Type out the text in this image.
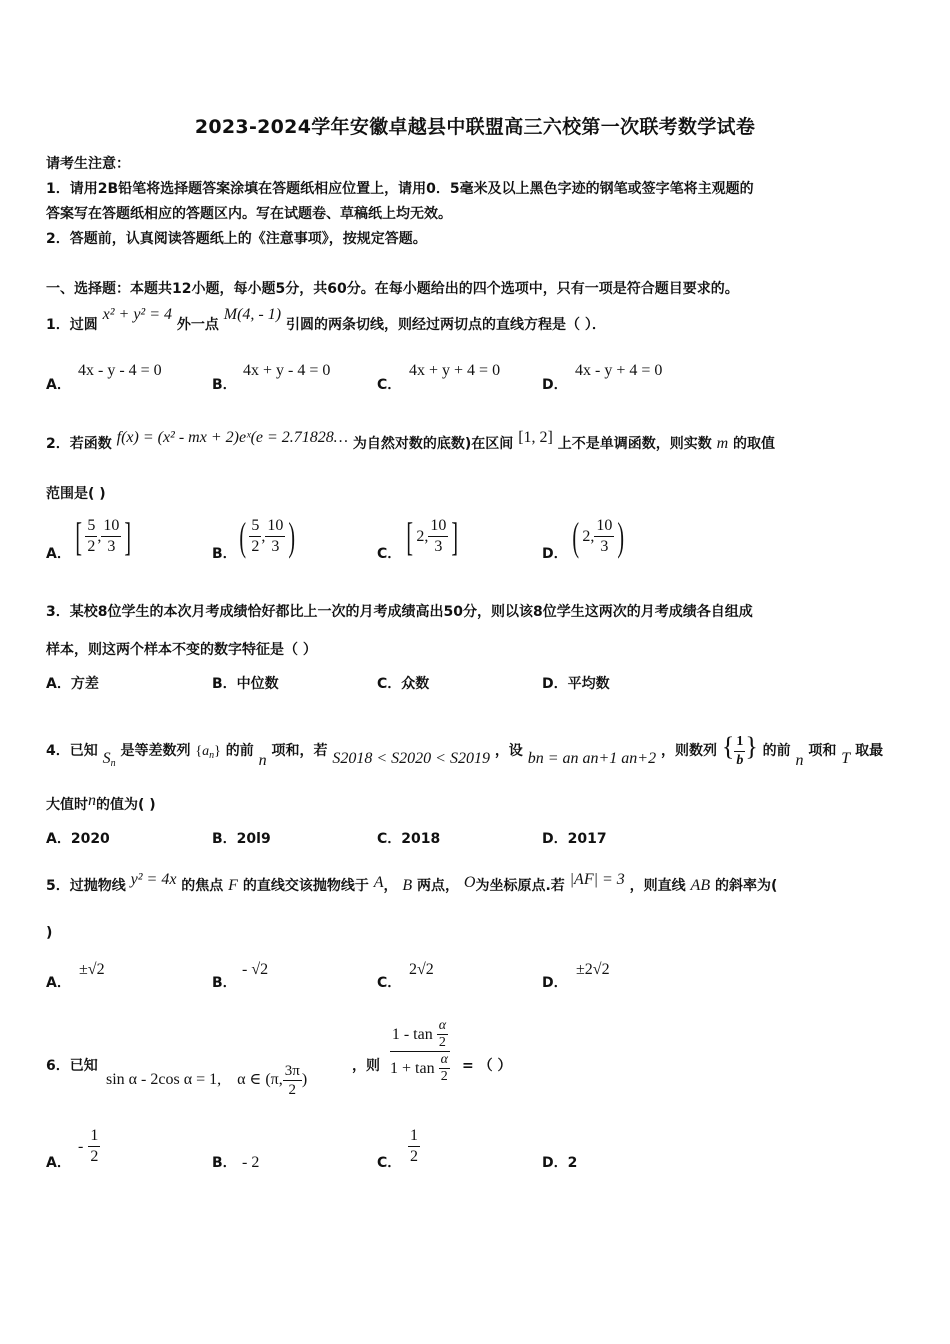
2023-2024学年安徽卓越县中联盟高三六校第一次联考数学试卷
请考生注意：
1．请用2B铅笔将选择题答案涂填在答题纸相应位置上，请用0．5毫米及以上黑色字迹的钢笔或签字笔将主观题的
答案写在答题纸相应的答题区内。写在试题卷、草稿纸上均无效。
2．答题前，认真阅读答题纸上的《注意事项》，按规定答题。
一、选择题：本题共12小题，每小题5分，共60分。在每小题给出的四个选项中，只有一项是符合题目要求的。
1．过圆 x² + y² = 4 外一点 M(4, - 1) 引圆的两条切线，则经过两切点的直线方程是（ ）．
A．
4x - y - 4 = 0
B．
4x + y - 4 = 0
C．
4x + y + 4 = 0
D．
4x - y + 4 = 0
2．若函数 f(x) = (x² - mx + 2)eˣ(e = 2.71828… 为自然对数的底数)在区间 [1, 2] 上不是单调函数，则实数 m 的取值
范围是( )
A． [ $\frac{5}{2}$ , $\frac{10}{3}$ ]	B． ( $\frac{5}{2}$ , $\frac{10}{3}$ )	C． [ 2, $\frac{10}{3}$ ]	D． ( 2, $\frac{10}{3}$ )
3．某校8位学生的本次月考成绩恰好都比上一次的月考成绩高出50分，则以该8位学生这两次的月考成绩各自组成
样本，则这两个样本不变的数字特征是（ ）
A．方差	B．中位数	C．众数	D．平均数
4．已知 $S_n$ 是等差数列 $\{a_n\}$ 的前 n 项和，若 S2018 < S2020 < S2019 ，设 bn = an an+1 an+2 ，则数列 { $\frac{1}{b}$ } 的前 n 项和 T 取最
大值时n的值为( )
A．2020	B．20l9	C．2018	D．2017
5．过抛物线 y² = 4x 的焦点 F 的直线交该抛物线于 A， B 两点， O为坐标原点.若 |AF| = 3 ，则直线 AB 的斜率为(
)
A．
±√2
B．
- √2
C．
2√2
D．
±2√2
6．已知
sin α - 2cos α = 1, α ∈ (π, $\frac{3\pi}{2}$ )
，则 1 -
tan
$\frac{\alpha}{2}$
1 +
tan
$\frac{\alpha}{2}$ = （ ）
A．
- $\frac{1}{2}$	B． - 2	C． $\frac{1}{2}$	D．2
